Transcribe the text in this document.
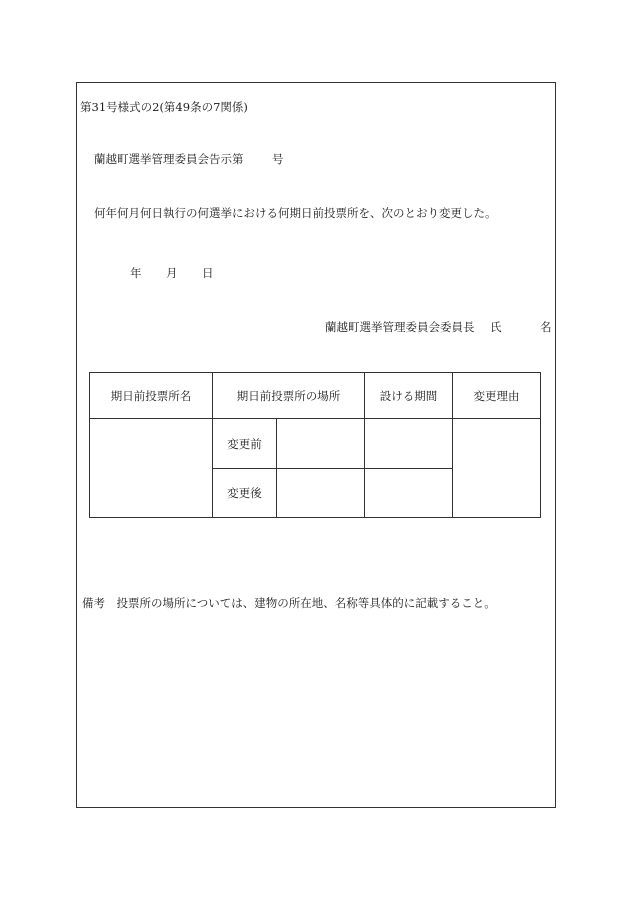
第31号様式の2(第49条の7関係)
蘭越町選挙管理委員会告示第 号
何年何月何日執行の何選挙における何期日前投票所を、次のとおり変更した。
年 月 日
蘭越町選挙管理委員会委員長 氏	名
期日前投票所名	期日前投票所の場所		設ける期間	変更理由
	変更前			
	変更後			
備考　投票所の場所については、建物の所在地、名称等具体的に記載すること。
